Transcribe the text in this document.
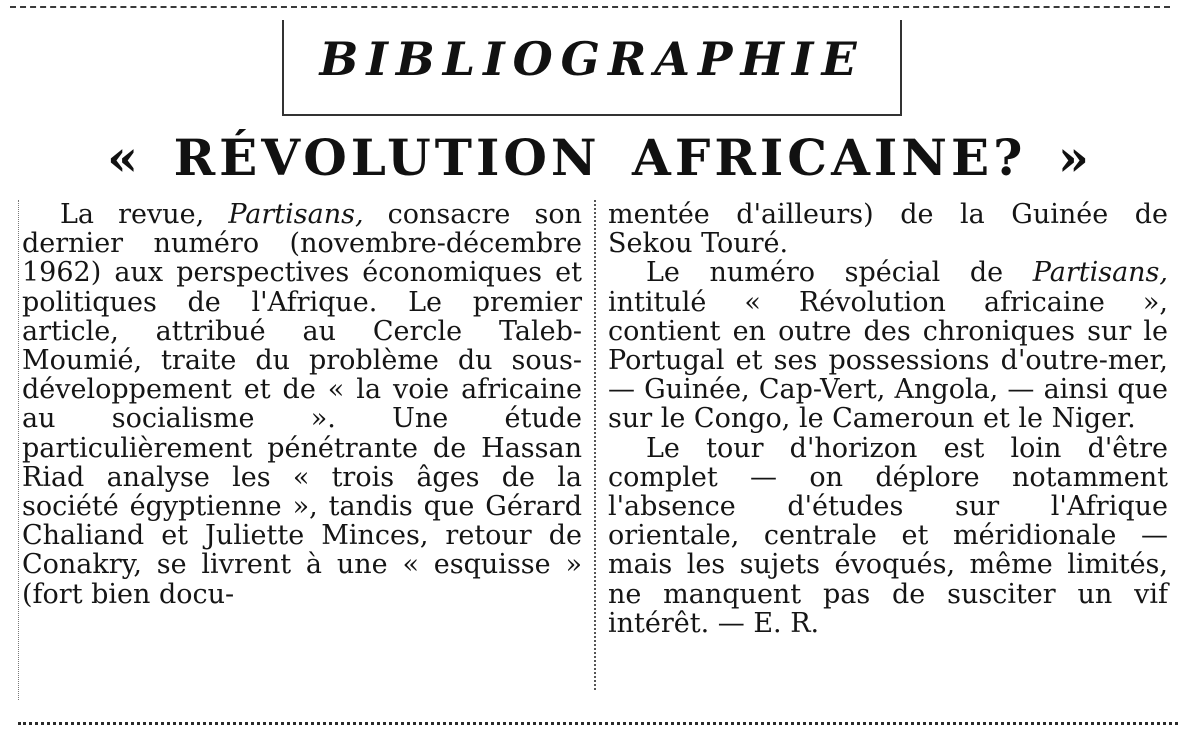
BIBLIOGRAPHIE
« RÉVOLUTION AFRICAINE? »

La revue, Partisans, consacre son dernier numéro (novembre-décembre 1962) aux perspectives économiques et politiques de l'Afrique. Le premier article, attribué au Cercle Taleb-Moumié, traite du problème du sous-développement et de « la voie africaine au socialisme ». Une étude particulièrement pénétrante de Hassan Riad analyse les « trois âges de la société égyptienne », tandis que Gérard Chaliand et Juliette Minces, retour de Conakry, se livrent à une « esquisse » (fort bien docu-

mentée d'ailleurs) de la Guinée de Sekou Touré.

Le numéro spécial de Partisans, intitulé « Révolution africaine », contient en outre des chroniques sur le Portugal et ses possessions d'outre-mer, — Guinée, Cap-Vert, Angola, — ainsi que sur le Congo, le Cameroun et le Niger.

Le tour d'horizon est loin d'être complet — on déplore notamment l'absence d'études sur l'Afrique orientale, centrale et méridionale — mais les sujets évoqués, même limités, ne manquent pas de susciter un vif intérêt. — E. R.
